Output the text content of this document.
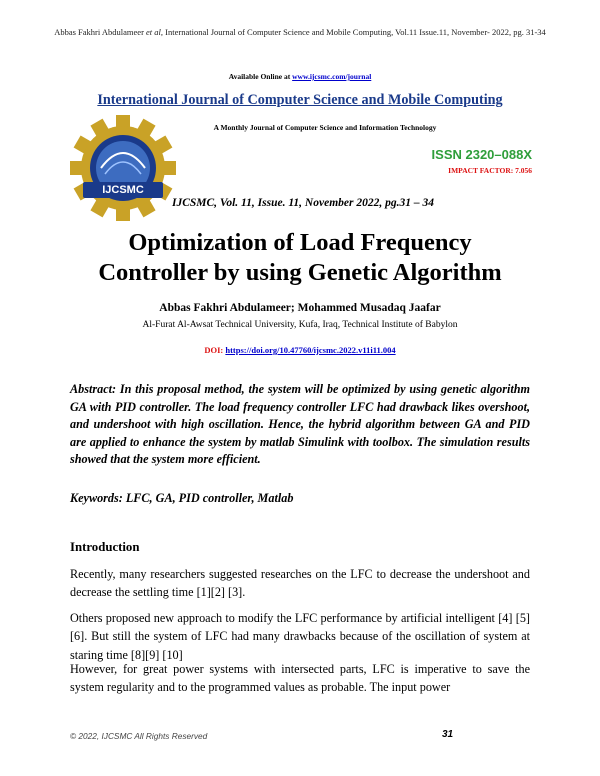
Abbas Fakhri Abdulameer et al, International Journal of Computer Science and Mobile Computing, Vol.11 Issue.11, November- 2022, pg. 31-34
Available Online at www.ijcsmc.com/journal
International Journal of Computer Science and Mobile Computing
A Monthly Journal of Computer Science and Information Technology
IJCSMC
ISSN 2320–088X
IMPACT FACTOR: 7.056
IJCSMC, Vol. 11, Issue. 11, November 2022, pg.31 – 34
Optimization of Load Frequency
Controller by using Genetic Algorithm
Abbas Fakhri Abdulameer; Mohammed Musadaq Jaafar
Al-Furat Al-Awsat Technical University, Kufa, Iraq, Technical Institute of Babylon
DOI: https://doi.org/10.47760/ijcsmc.2022.v11i11.004
Abstract: In this proposal method, the system will be optimized by using genetic algorithm GA with PID controller. The load frequency controller LFC had drawback likes overshoot, and undershoot with high oscillation. Hence, the hybrid algorithm between GA and PID are applied to enhance the system by matlab Simulink with toolbox. The simulation results showed that the system more efficient.
Keywords: LFC, GA, PID controller, Matlab
Introduction
Recently, many researchers suggested researches on the LFC to decrease the undershoot and decrease the settling time [1][2] [3].
Others proposed new approach to modify the LFC performance by artificial intelligent [4] [5] [6]. But still the system of LFC had many drawbacks because of the oscillation of system at staring time [8][9] [10]
However, for great power systems with intersected parts, LFC is imperative to save the system regularity and to the programmed values as probable. The input power
© 2022, IJCSMC All Rights Reserved	31
